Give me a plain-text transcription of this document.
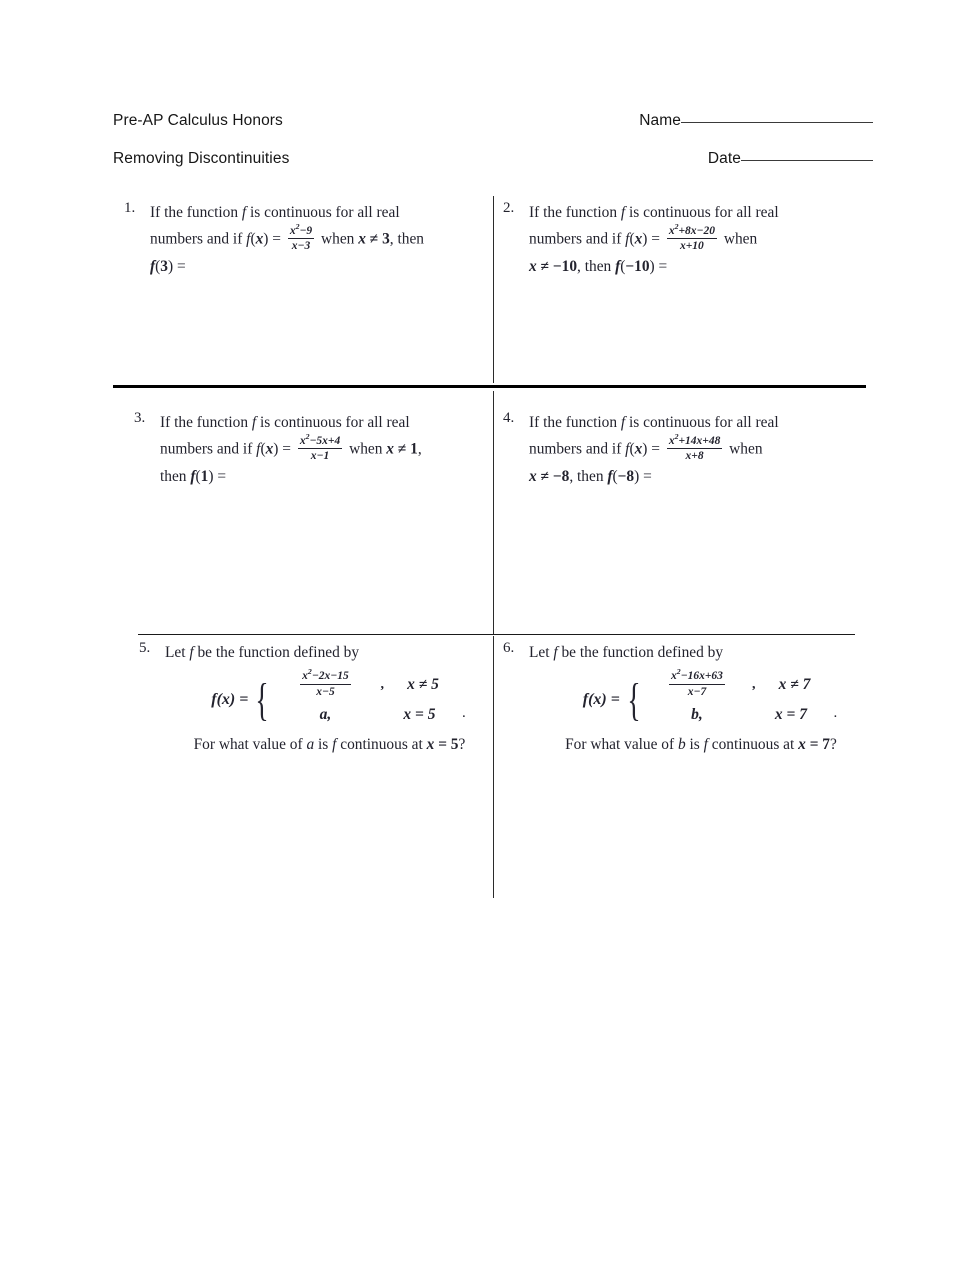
Pre-AP Calculus Honors	Name
Removing Discontinuities	Date
1. If the function f is continuous for all real
numbers and if $f(x) = \frac{x^2-9}{x-3}$ when x ≠ 3, then
f(3) =
2. If the function f is continuous for all real
numbers and if $f(x) = \frac{x^2+8x-20}{x+10}$ when
x ≠ −10, then f(−10) =
3. If the function f is continuous for all real
numbers and if $f(x) = \frac{x^2-5x+4}{x-1}$ when x ≠ 1,
then f(1) =
4. If the function f is continuous for all real
numbers and if $f(x) = \frac{x^2+14x+48}{x+8}$ when
x ≠ −8, then f(−8) =
5. Let f be the function defined by
f(x) = {	$\frac{x^2-2x-15}{x-5}$ ,	x ≠ 5
a,	x = 5	.
For what value of a is f continuous at x = 5?
6. Let f be the function defined by
f(x) = { $\frac{x^2-16x+63}{x-7}$ ,	x ≠ 7
b,	x = 7	.
For what value of b is f continuous at x = 7?
